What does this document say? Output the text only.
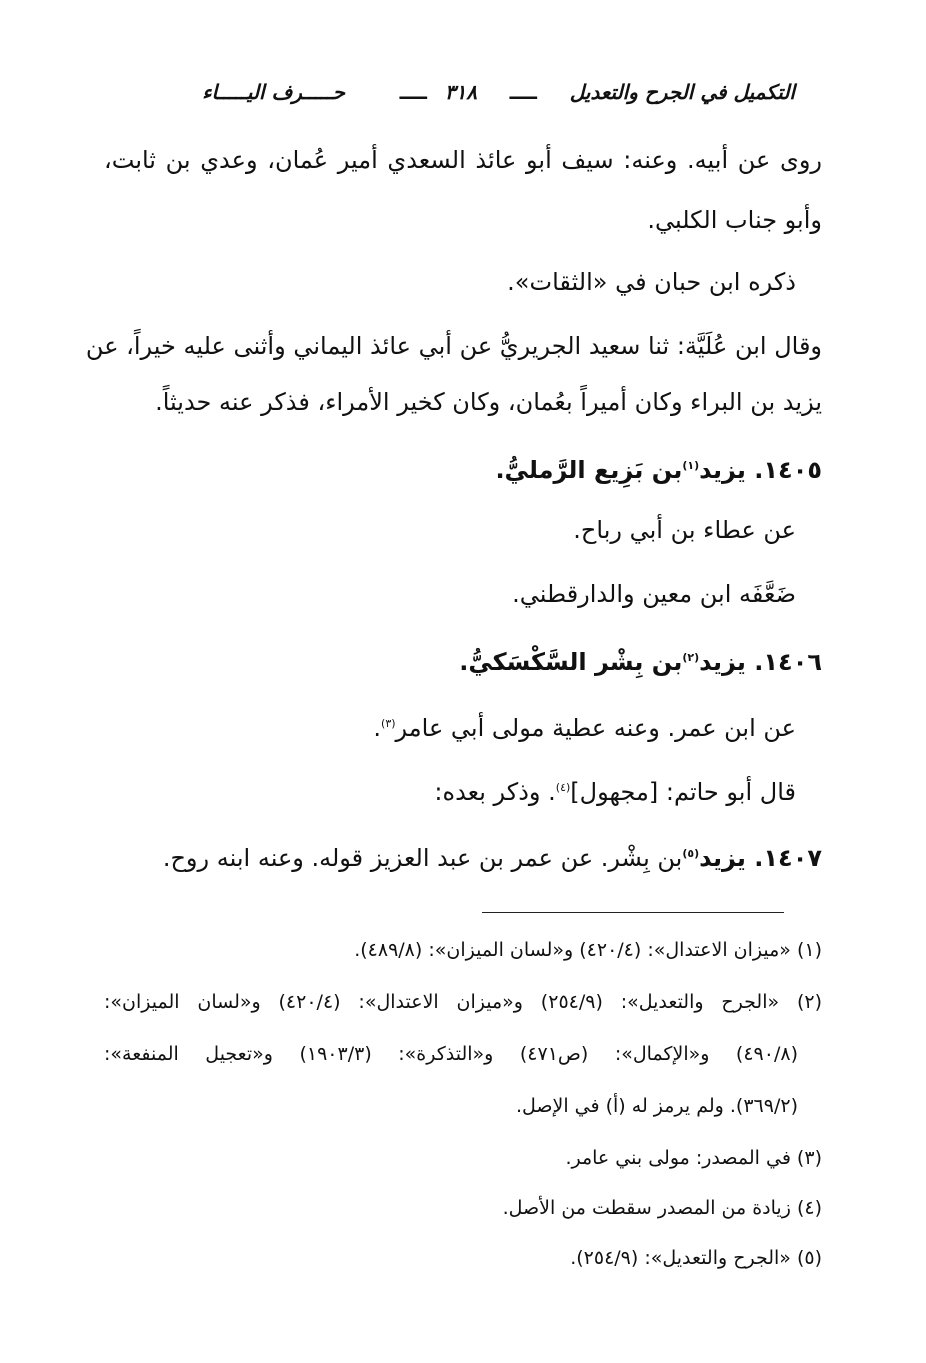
التكميل في الجرح والتعديل
ــــ
٣١٨
ــــ
حـــــرف اليـــــاء
روى عن أبيه. وعنه: سيف أبو عائذ السعدي أمير عُمان، وعدي بن ثابت،
وأبو جناب الكلبي.
ذكره ابن حبان في «الثقات».
وقال ابن عُلَيَّة: ثنا سعيد الجريريُّ عن أبي عائذ اليماني وأثنى عليه خيراً، عن
يزيد بن البراء وكان أميراً بعُمان، وكان كخير الأمراء، فذكر عنه حديثاً.
١٤٠٥. يزيد$^{(١)}$بن بَزِيع الرَّمليُّ.
عن عطاء بن أبي رباح.
ضَعَّفَه ابن معين والدارقطني.
١٤٠٦. يزيد$^{(٢)}$بن بِشْر السَّكْسَكيُّ.
عن ابن عمر. وعنه عطية مولى أبي عامر$^{(٣)}$.
قال أبو حاتم: [مجهول]$^{(٤)}$. وذكر بعده:
١٤٠٧. يزيد$^{(٥)}$بن بِشْر. عن عمر بن عبد العزيز قوله. وعنه ابنه روح.
(١) «ميزان الاعتدال»: (٤٢٠/٤) و«لسان الميزان»: (٤٨٩/٨).
(٢) «الجرح والتعديل»: (٢٥٤/٩) و«ميزان الاعتدال»: (٤٢٠/٤) و«لسان الميزان»:
(٤٩٠/٨) و«الإكمال»: (ص٤٧١) و«التذكرة»: (١٩٠٣/٣) و«تعجيل المنفعة»:
(٣٦٩/٢). ولم يرمز له (أ) في الإصل.
(٣) في المصدر: مولى بني عامر.
(٤) زيادة من المصدر سقطت من الأصل.
(٥) «الجرح والتعديل»: (٢٥٤/٩).
